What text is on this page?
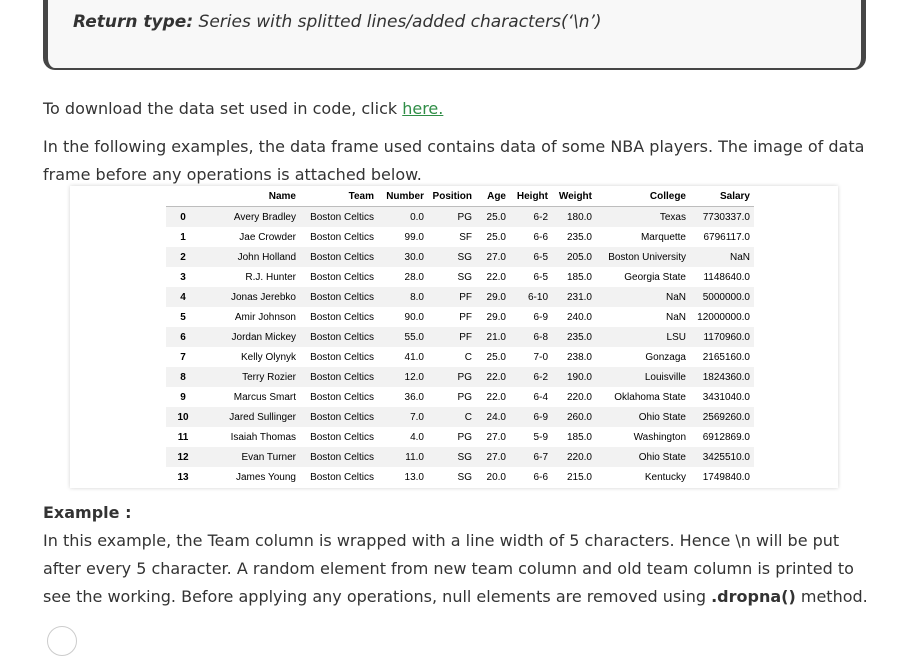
Return type: Series with splitted lines/added characters(‘\n’)

To download the data set used in code, click here.

In the following examples, the data frame used contains data of some NBA players. The image of data frame before any operations is attached below.

	Name	Team	Number	Position	Age	Height	Weight	College	Salary
0	Avery Bradley	Boston Celtics	0.0	PG	25.0	6-2	180.0	Texas	7730337.0
1	Jae Crowder	Boston Celtics	99.0	SF	25.0	6-6	235.0	Marquette	6796117.0
2	John Holland	Boston Celtics	30.0	SG	27.0	6-5	205.0	Boston University	NaN
3	R.J. Hunter	Boston Celtics	28.0	SG	22.0	6-5	185.0	Georgia State	1148640.0
4	Jonas Jerebko	Boston Celtics	8.0	PF	29.0	6-10	231.0	NaN	5000000.0
5	Amir Johnson	Boston Celtics	90.0	PF	29.0	6-9	240.0	NaN	12000000.0
6	Jordan Mickey	Boston Celtics	55.0	PF	21.0	6-8	235.0	LSU	1170960.0
7	Kelly Olynyk	Boston Celtics	41.0	C	25.0	7-0	238.0	Gonzaga	2165160.0
8	Terry Rozier	Boston Celtics	12.0	PG	22.0	6-2	190.0	Louisville	1824360.0
9	Marcus Smart	Boston Celtics	36.0	PG	22.0	6-4	220.0	Oklahoma State	3431040.0
10	Jared Sullinger	Boston Celtics	7.0	C	24.0	6-9	260.0	Ohio State	2569260.0
11	Isaiah Thomas	Boston Celtics	4.0	PG	27.0	5-9	185.0	Washington	6912869.0
12	Evan Turner	Boston Celtics	11.0	SG	27.0	6-7	220.0	Ohio State	3425510.0
13	James Young	Boston Celtics	13.0	SG	20.0	6-6	215.0	Kentucky	1749840.0
Example :

In this example, the Team column is wrapped with a line width of 5 characters. Hence \n will be put after every 5 character. A random element from new team column and old team column is printed to see the working. Before applying any operations, null elements are removed using .dropna() method.
